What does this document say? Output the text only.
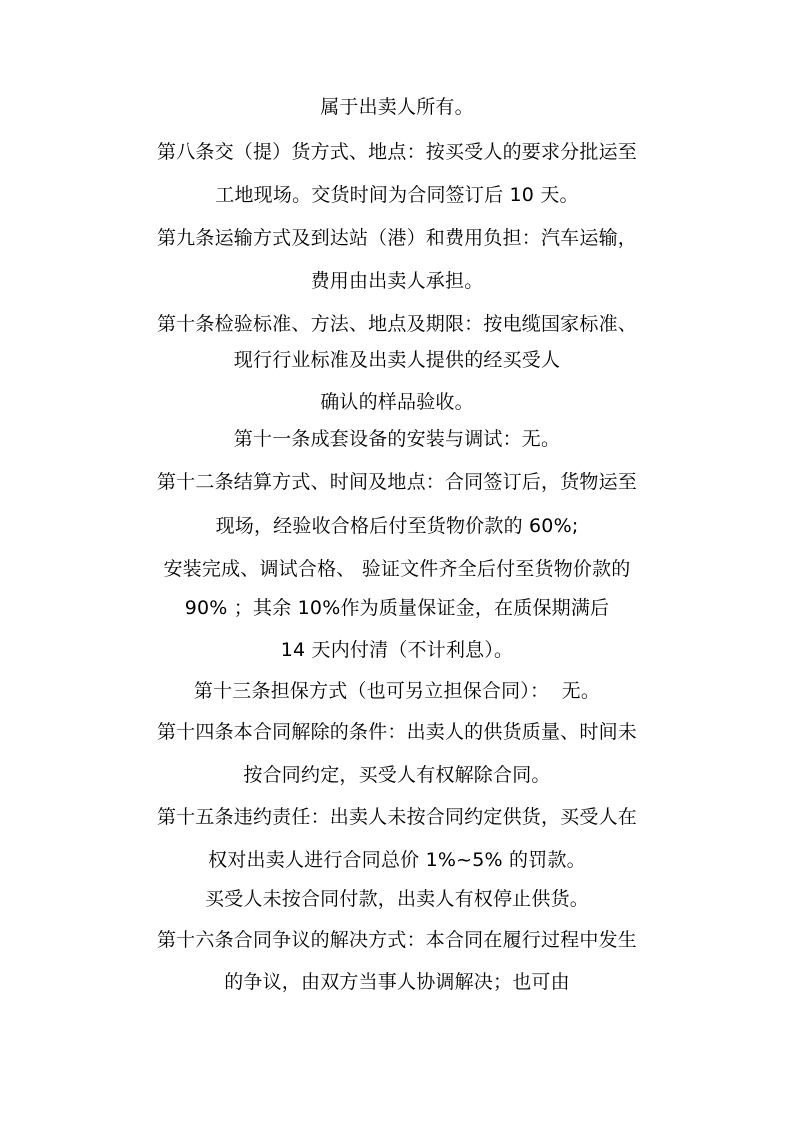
属于出卖人所有。
第八条交（提）货方式、地点：按买受人的要求分批运至
工地现场。交货时间为合同签订后 10 天。
第九条运输方式及到达站（港）和费用负担：汽车运输，
费用由出卖人承担。
第十条检验标准、方法、地点及期限：按电缆国家标准、
现行行业标准及出卖人提供的经买受人
确认的样品验收。
第十一条成套设备的安装与调试：无。
第十二条结算方式、时间及地点：合同签订后，货物运至
现场，经验收合格后付至货物价款的 60%;
安装完成、调试合格、 验证文件齐全后付至货物价款的
90% ；其余 10%作为质量保证金，在质保期满后
14 天内付清（不计利息）。
第十三条担保方式（也可另立担保合同）：  无。
第十四条本合同解除的条件：出卖人的供货质量、时间未
按合同约定，买受人有权解除合同。
第十五条违约责任：出卖人未按合同约定供货，买受人在
权对出卖人进行合同总价 1%~5% 的罚款。
买受人未按合同付款，出卖人有权停止供货。
第十六条合同争议的解决方式：本合同在履行过程中发生
的争议，由双方当事人协调解决；也可由
